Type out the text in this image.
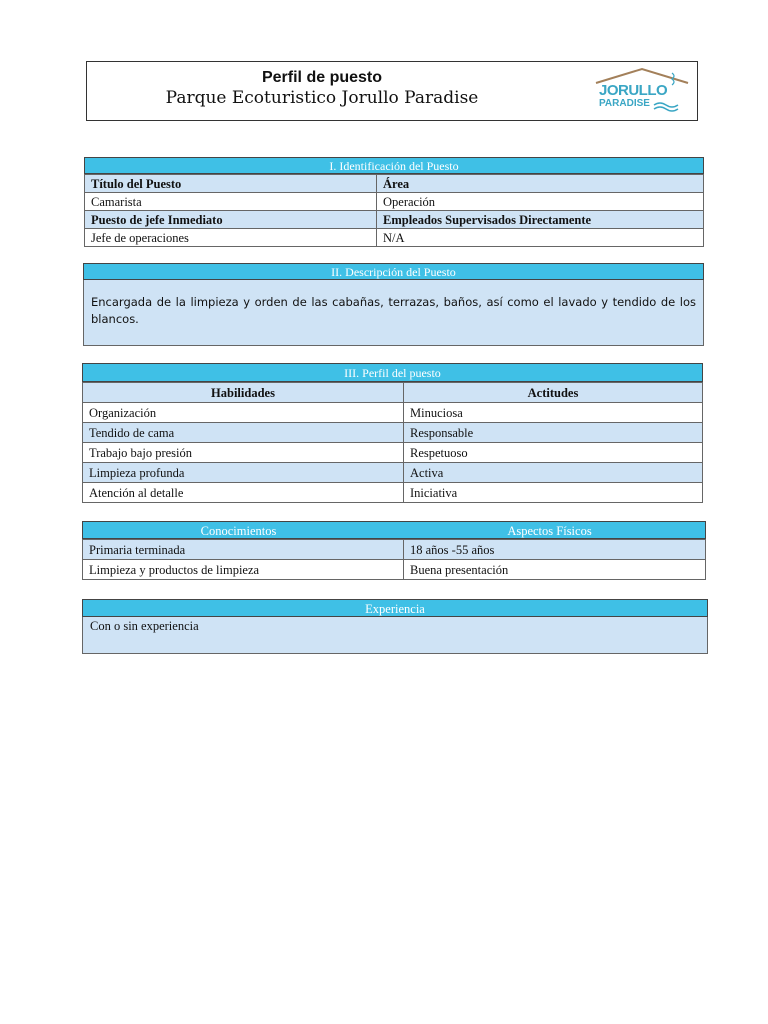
Perfil de puesto
Parque Ecoturistico Jorullo Paradise	JORULLO
PARADISE
I. Identificación del Puesto
Título del Puesto	Área
Camarista	Operación
Puesto de jefe Inmediato	Empleados Supervisados Directamente
Jefe de operaciones	N/A
II. Descripción del Puesto
Encargada de la limpieza y orden de las cabañas, terrazas, baños, así como el lavado y tendido de los blancos.
III. Perfil del puesto
Habilidades	Actitudes
Organización	Minuciosa
Tendido de cama	Responsable
Trabajo bajo presión	Respetuoso
Limpieza profunda	Activa
Atención al detalle	Iniciativa
Conocimientos	Aspectos Físicos
Primaria terminada	18 años -55 años
Limpieza y productos de limpieza	Buena presentación
Experiencia
Con o sin experiencia
